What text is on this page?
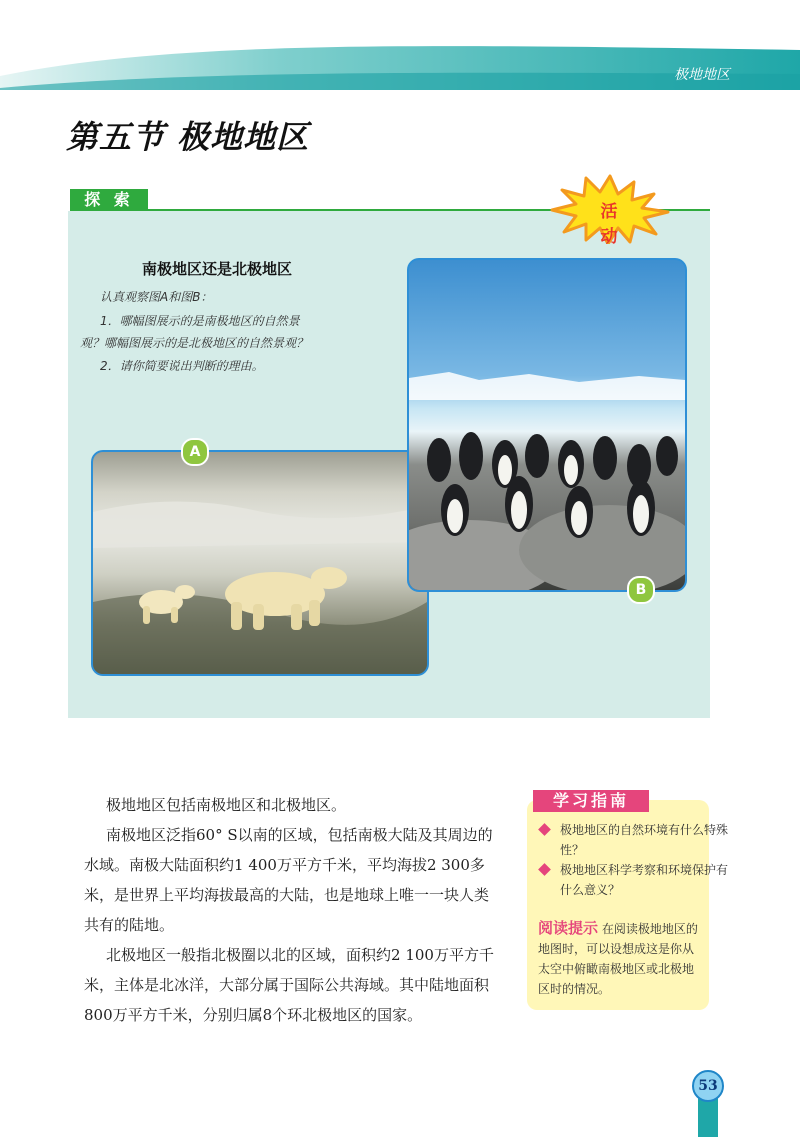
极地地区
第五节 极地地区
探 索
活 动
南极地区还是北极地区
认真观察图A和图B：
1．哪幅图展示的是南极地区的自然景
观？哪幅图展示的是北极地区的自然景观？
2．请你简要说出判断的理由。
A
B
极地地区包括南极地区和北极地区。
南极地区泛指60° S以南的区域，包括南极大陆及其周边的水域。南极大陆面积约1 400万平方千米，平均海拔2 300多米，是世界上平均海拔最高的大陆，也是地球上唯一一块人类共有的陆地。
北极地区一般指北极圈以北的区域，面积约2 100万平方千米，主体是北冰洋，大部分属于国际公共海域。其中陆地面积800万平方千米，分别归属8个环北极地区的国家。
学习指南
极地地区的自然环境有什么特殊性？
极地地区科学考察和环境保护有什么意义？
阅读提示 在阅读极地地区的地图时，可以设想成这是你从太空中俯瞰南极地区或北极地区时的情况。
53
